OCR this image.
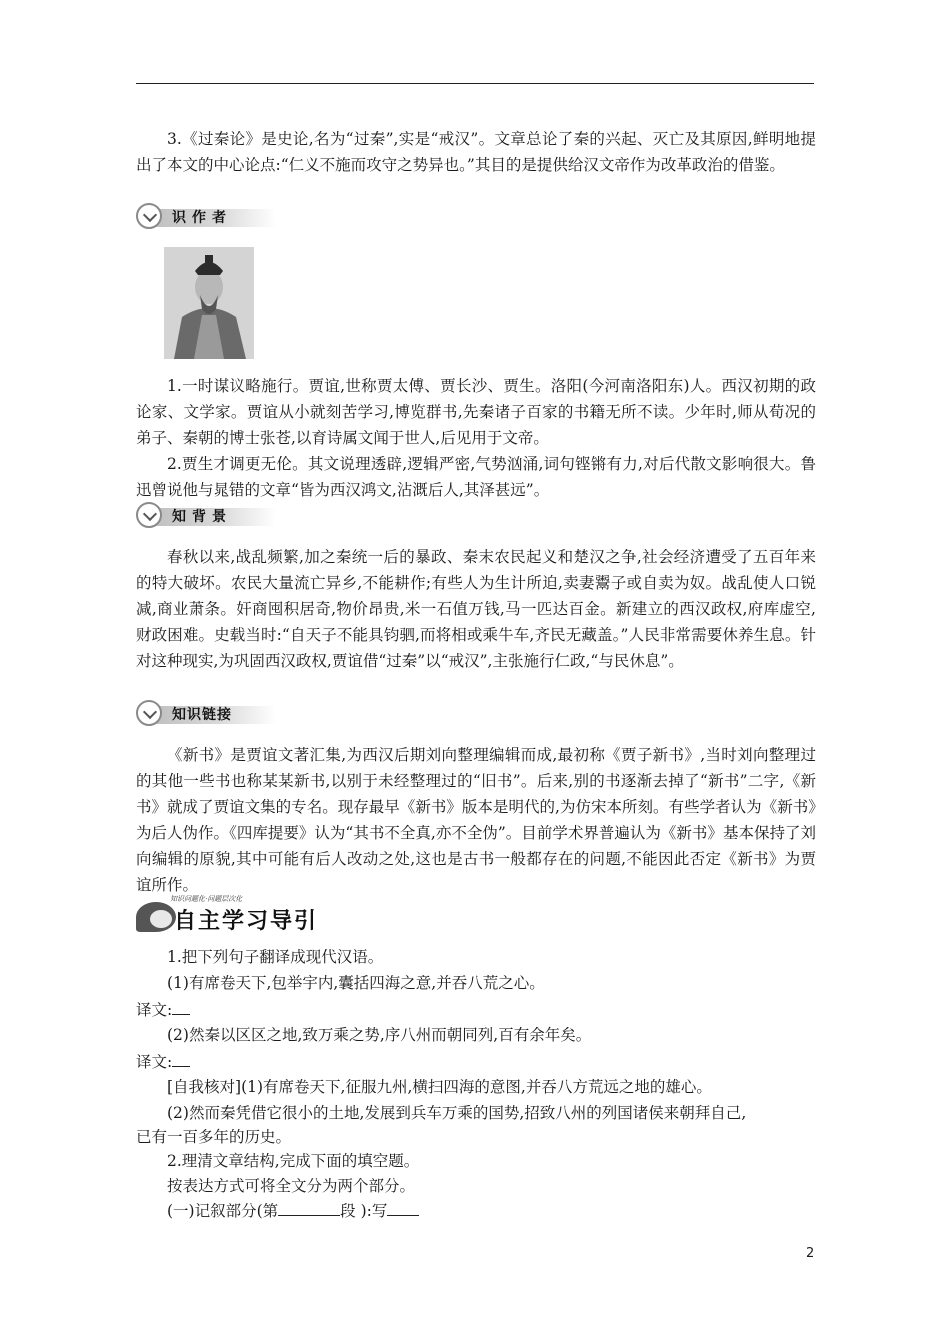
3.《过秦论》是史论,名为“过秦”,实是“戒汉”。文章总论了秦的兴起、灭亡及其原因,鲜明地提出了本文的中心论点:“仁义不施而攻守之势异也。”其目的是提供给汉文帝作为改革政治的借鉴。

识作者

1.一时谋议略施行。贾谊,世称贾太傅、贾长沙、贾生。洛阳(今河南洛阳东)人。西汉初期的政论家、文学家。贾谊从小就刻苦学习,博览群书,先秦诸子百家的书籍无所不读。少年时,师从荀况的弟子、秦朝的博士张苍,以育诗属文闻于世人,后见用于文帝。

2.贾生才调更无伦。其文说理透辟,逻辑严密,气势汹涌,词句铿锵有力,对后代散文影响很大。鲁迅曾说他与晁错的文章“皆为西汉鸿文,沾溉后人,其泽甚远”。

知背景

春秋以来,战乱频繁,加之秦统一后的暴政、秦末农民起义和楚汉之争,社会经济遭受了五百年来的特大破坏。农民大量流亡异乡,不能耕作;有些人为生计所迫,卖妻鬻子或自卖为奴。战乱使人口锐减,商业萧条。奸商囤积居奇,物价昂贵,米一石值万钱,马一匹达百金。新建立的西汉政权,府库虚空,财政困难。史载当时:“自天子不能具钧驷,而将相或乘牛车,齐民无藏盖。”人民非常需要休养生息。针对这种现实,为巩固西汉政权,贾谊借“过秦”以“戒汉”,主张施行仁政,“与民休息”。

知识链接

《新书》是贾谊文著汇集,为西汉后期刘向整理编辑而成,最初称《贾子新书》,当时刘向整理过的其他一些书也称某某新书,以别于未经整理过的“旧书”。后来,别的书逐渐去掉了“新书”二字,《新书》就成了贾谊文集的专名。现存最早《新书》版本是明代的,为仿宋本所刻。有些学者认为《新书》为后人伪作。《四库提要》认为“其书不全真,亦不全伪”。目前学术界普遍认为《新书》基本保持了刘向编辑的原貌,其中可能有后人改动之处,这也是古书一般都存在的问题,不能因此否定《新书》为贾谊所作。

知识问题化·问题层次化
自主学习导引

1.把下列句子翻译成现代汉语。

(1)有席卷天下,包举宇内,囊括四海之意,并吞八荒之心。

译文:

(2)然秦以区区之地,致万乘之势,序八州而朝同列,百有余年矣。

译文:

[自我核对](1)有席卷天下,征服九州,横扫四海的意图,并吞八方荒远之地的雄心。

(2)然而秦凭借它很小的土地,发展到兵车万乘的国势,招致八州的列国诸侯来朝拜自己,

已有一百多年的历史。

2.理清文章结构,完成下面的填空题。

按表达方式可将全文分为两个部分。

(一)记叙部分(第	段 ):写

2
